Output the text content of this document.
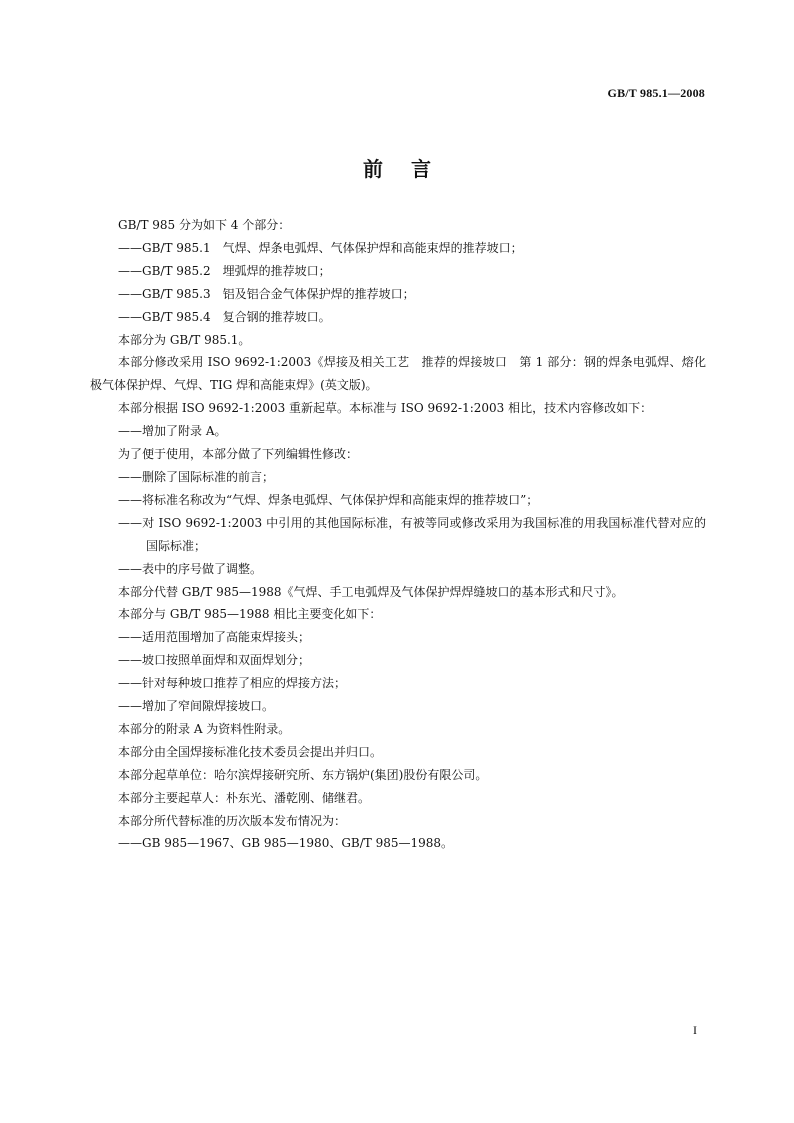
GB/T 985.1—2008
前言

GB/T 985 分为如下 4 个部分：

——GB/T 985.1　气焊、焊条电弧焊、气体保护焊和高能束焊的推荐坡口；

——GB/T 985.2　埋弧焊的推荐坡口；

——GB/T 985.3　铝及铝合金气体保护焊的推荐坡口；

——GB/T 985.4　复合钢的推荐坡口。

本部分为 GB/T 985.1。

本部分修改采用 ISO 9692-1:2003《焊接及相关工艺　推荐的焊接坡口　第 1 部分：钢的焊条电弧焊、熔化极气体保护焊、气焊、TIG 焊和高能束焊》(英文版)。

本部分根据 ISO 9692-1:2003 重新起草。本标准与 ISO 9692-1:2003 相比，技术内容修改如下：

——增加了附录 A。

为了便于使用，本部分做了下列编辑性修改：

——删除了国际标准的前言；

——将标准名称改为“气焊、焊条电弧焊、气体保护焊和高能束焊的推荐坡口”；

——对 ISO 9692-1:2003 中引用的其他国际标准，有被等同或修改采用为我国标准的用我国标准代替对应的国际标准；

——表中的序号做了调整。

本部分代替 GB/T 985—1988《气焊、手工电弧焊及气体保护焊焊缝坡口的基本形式和尺寸》。

本部分与 GB/T 985—1988 相比主要变化如下：

——适用范围增加了高能束焊接头；

——坡口按照单面焊和双面焊划分；

——针对每种坡口推荐了相应的焊接方法；

——增加了窄间隙焊接坡口。

本部分的附录 A 为资料性附录。

本部分由全国焊接标准化技术委员会提出并归口。

本部分起草单位：哈尔滨焊接研究所、东方锅炉(集团)股份有限公司。

本部分主要起草人：朴东光、潘乾刚、储继君。

本部分所代替标准的历次版本发布情况为：

——GB 985—1967、GB 985—1980、GB/T 985—1988。

I
